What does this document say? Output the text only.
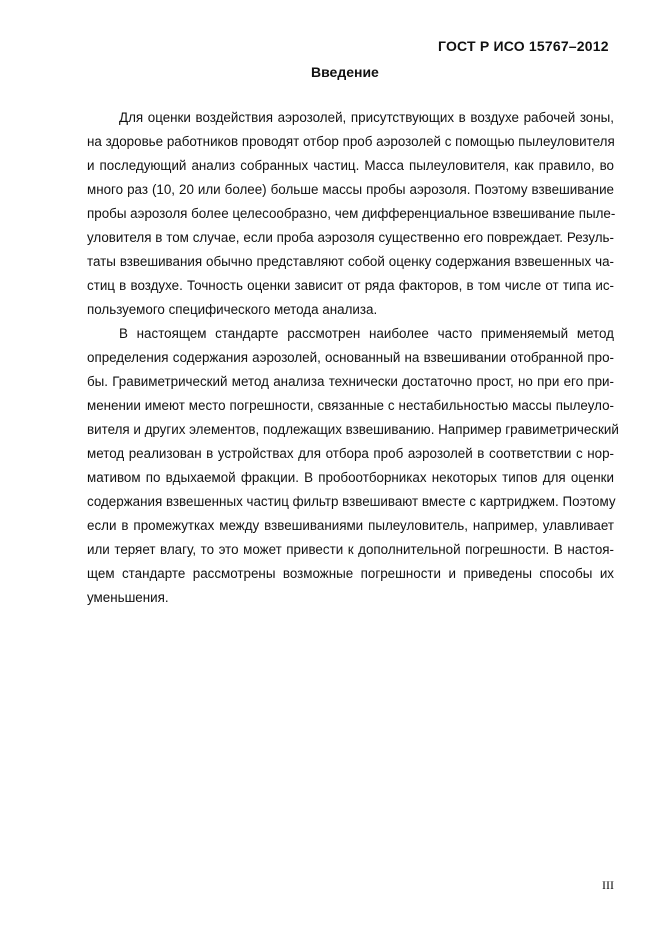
ГОСТ Р ИСО 15767–2012
Введение
Для оценки воздействия аэрозолей, присутствующих в воздухе рабочей зоны,
на здоровье работников проводят отбор проб аэрозолей с помощью пылеуловителя
и последующий анализ собранных частиц. Масса пылеуловителя, как правило, во
много раз (10, 20 или более) больше массы пробы аэрозоля. Поэтому взвешивание
пробы аэрозоля более целесообразно, чем дифференциальное взвешивание пыле-
уловителя в том случае, если проба аэрозоля существенно его повреждает. Резуль-
таты взвешивания обычно представляют собой оценку содержания взвешенных ча-
стиц в воздухе. Точность оценки зависит от ряда факторов, в том числе от типа ис-
пользуемого специфического метода анализа.
В настоящем стандарте рассмотрен наиболее часто применяемый метод
определения содержания аэрозолей, основанный на взвешивании отобранной про-
бы. Гравиметрический метод анализа технически достаточно прост, но при его при-
менении имеют место погрешности, связанные с нестабильностью массы пылеуло-
вителя и других элементов, подлежащих взвешиванию. Например гравиметрический
метод реализован в устройствах для отбора проб аэрозолей в соответствии с нор-
мативом по вдыхаемой фракции. В пробоотборниках некоторых типов для оценки
содержания взвешенных частиц фильтр взвешивают вместе с картриджем. Поэтому
если в промежутках между взвешиваниями пылеуловитель, например, улавливает
или теряет влагу, то это может привести к дополнительной погрешности. В настоя-
щем стандарте рассмотрены возможные погрешности и приведены способы их
уменьшения.
III
